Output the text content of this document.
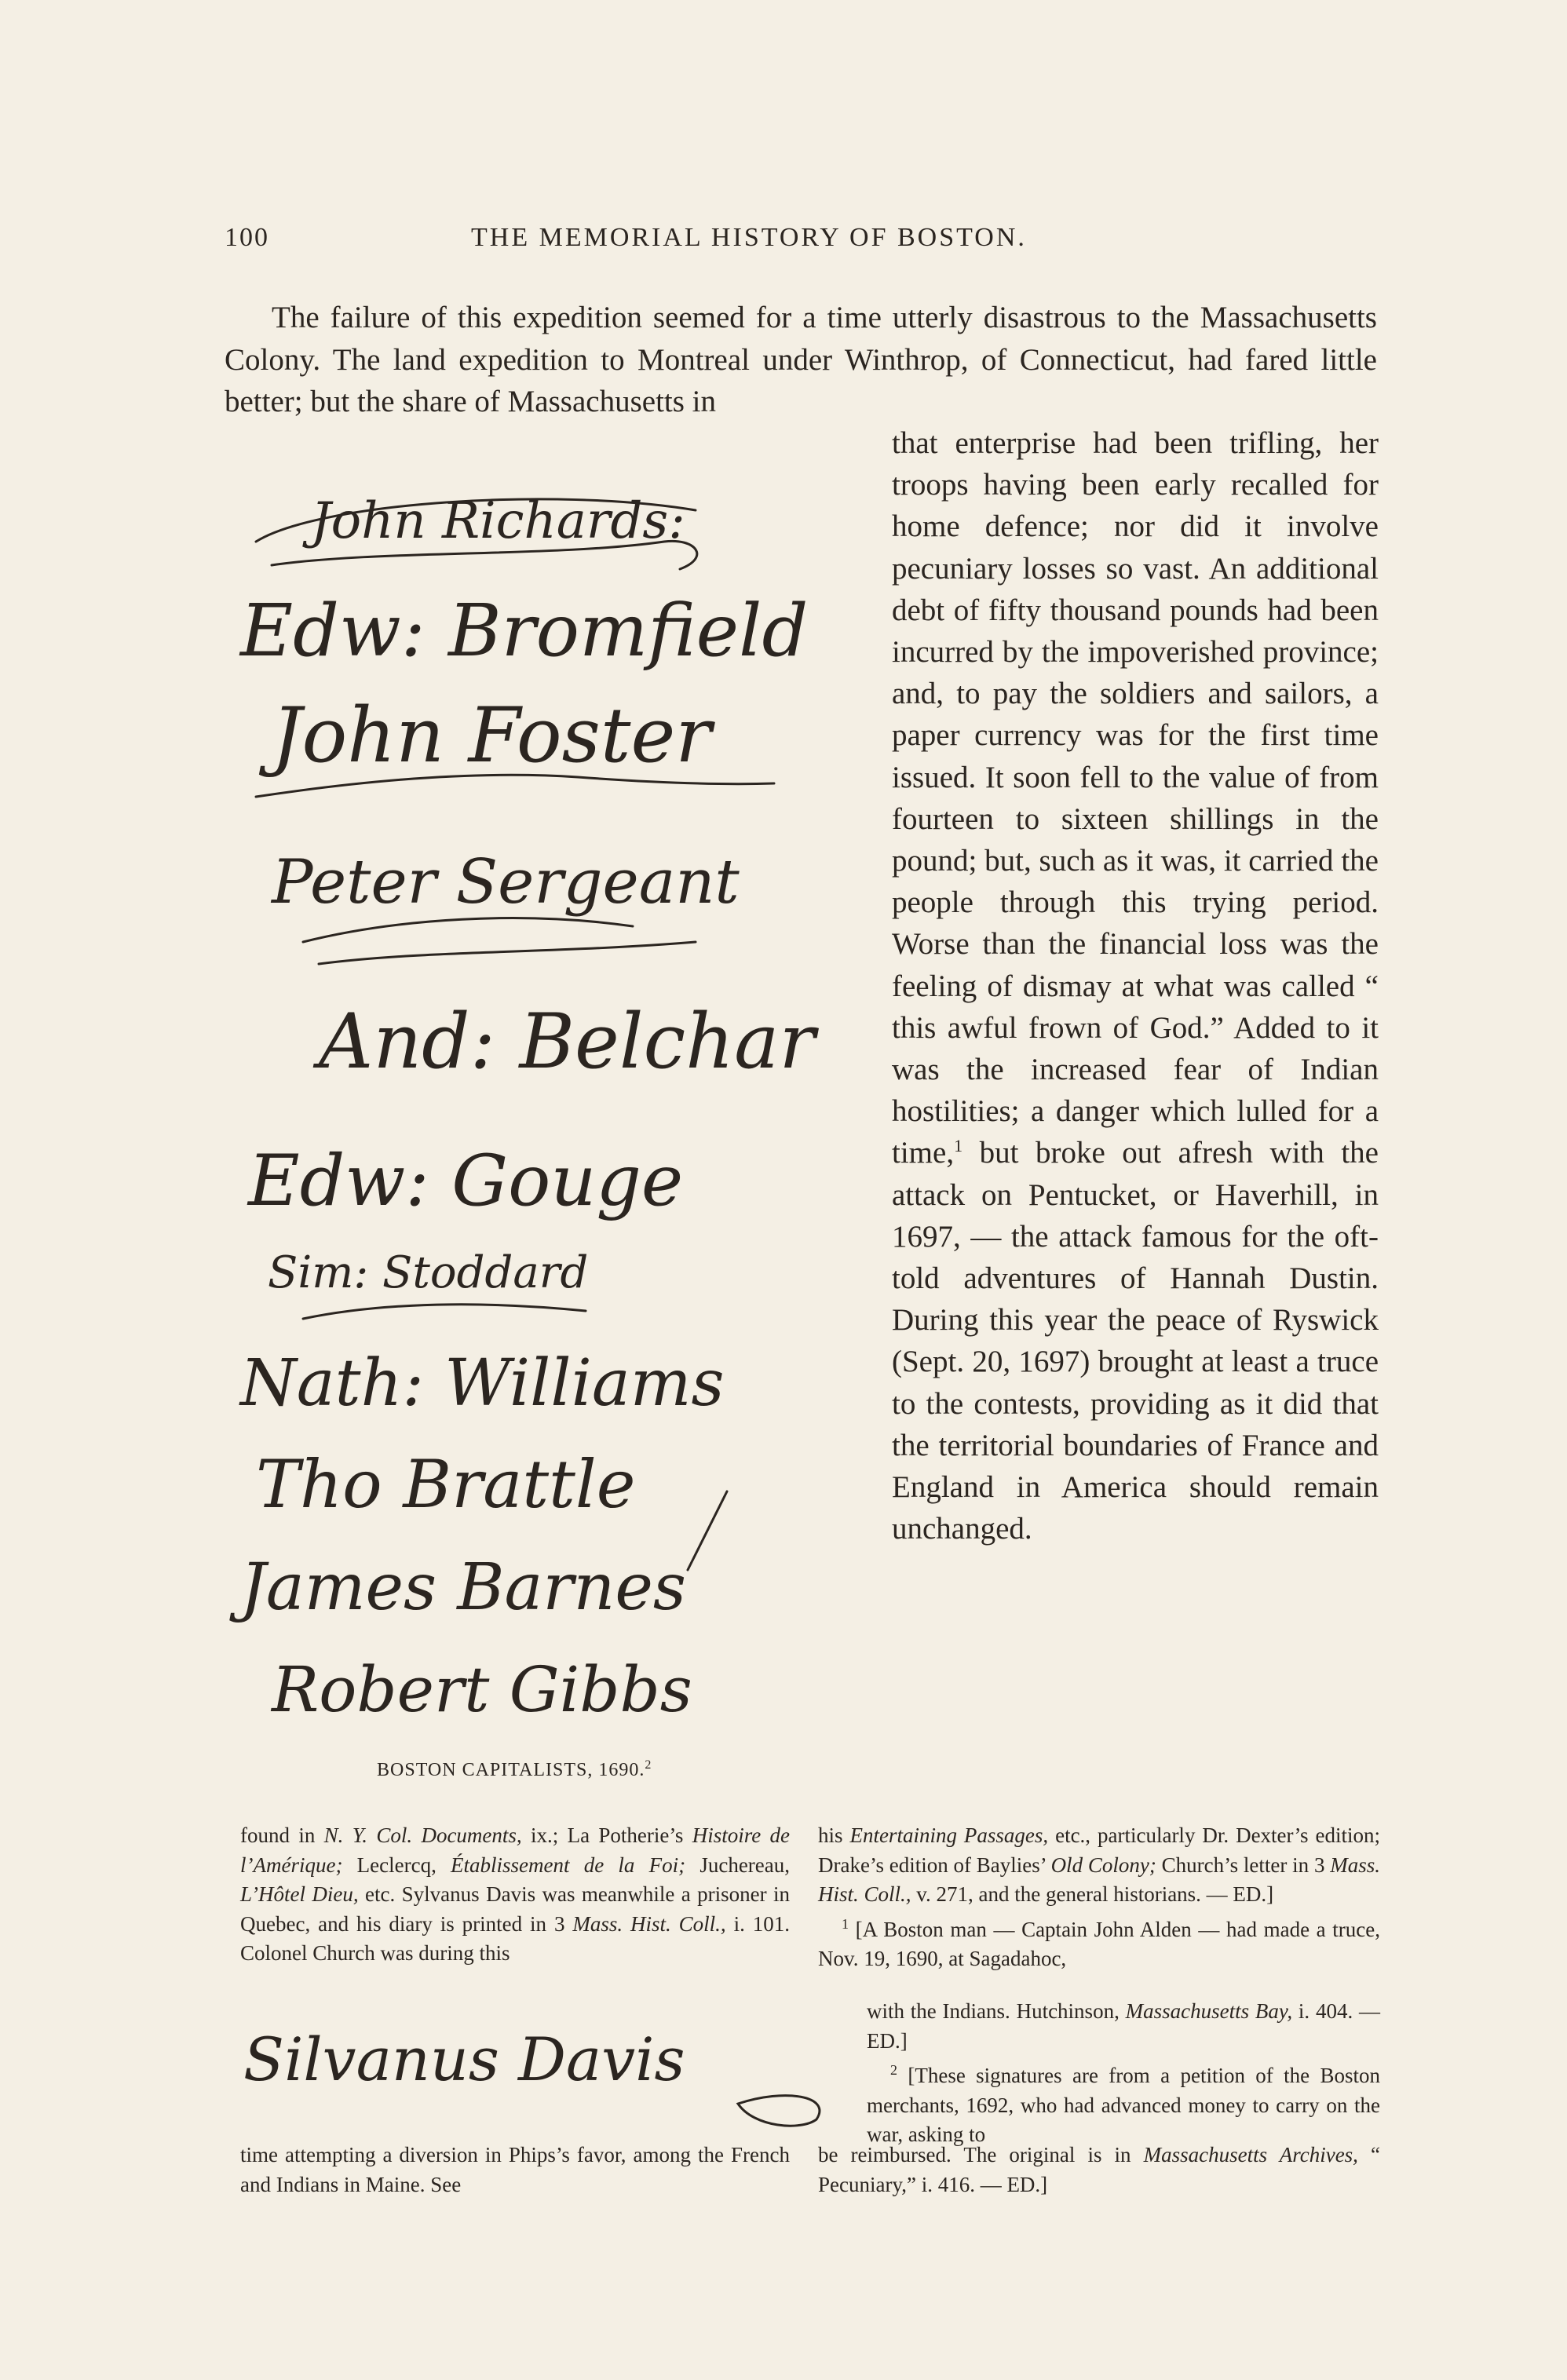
100	THE MEMORIAL HISTORY OF BOSTON.

The failure of this expedition seemed for a time utterly disastrous to the Massachusetts Colony. The land expedition to Montreal under Winthrop, of Connecticut, had fared little better; but the share of Massachusetts in

that enterprise had been trifling, her troops having been early recalled for home defence; nor did it involve pecuniary losses so vast. An additional debt of fifty thousand pounds had been incurred by the impoverished province; and, to pay the soldiers and sailors, a paper currency was for the first time issued. It soon fell to the value of from fourteen to sixteen shillings in the pound; but, such as it was, it carried the people through this trying period. Worse than the financial loss was the feeling of dismay at what was called “ this awful frown of God.” Added to it was the increased fear of Indian hostilities; a danger which lulled for a time,$^1$ but broke out afresh with the attack on Pentucket, or Haverhill, in 1697, — the attack famous for the oft-told adventures of Hannah Dustin. During this year the peace of Ryswick (Sept. 20, 1697) brought at least a truce to the contests, providing as it did that the territorial boundaries of France and England in America should remain unchanged.

John Richards:
Edw: Bromfield
John Foster
Peter Sergeant
And: Belchar
Edw: Gouge
Sim: Stoddard
Nath: Williams
Tho Brattle
James Barnes
Robert Gibbs
BOSTON CAPITALISTS, 1690.$^2$

found in N. Y. Col. Documents, ix.; La Potherie’s Histoire de l’Amérique; Leclercq, Établissement de la Foi; Juchereau, L’Hôtel Dieu, etc. Sylvanus Davis was meanwhile a prisoner in Quebec, and his diary is printed in 3 Mass. Hist. Coll., i. 101. Colonel Church was during this

Silvanus Davis

time attempting a diversion in Phips’s favor, among the French and Indians in Maine. See

his Entertaining Passages, etc., particularly Dr. Dexter’s edition; Drake’s edition of Baylies’ Old Colony; Church’s letter in 3 Mass. Hist. Coll., v. 271, and the general historians. — ED.]
$^1$ [A Boston man — Captain John Alden — had made a truce, Nov. 19, 1690, at Sagadahoc,

with the Indians. Hutchinson, Massachusetts Bay, i. 404. — ED.]
$^2$ [These signatures are from a petition of the Boston merchants, 1692, who had advanced money to carry on the war, asking to

be reimbursed. The original is in Massachusetts Archives, “ Pecuniary,” i. 416. — ED.]
